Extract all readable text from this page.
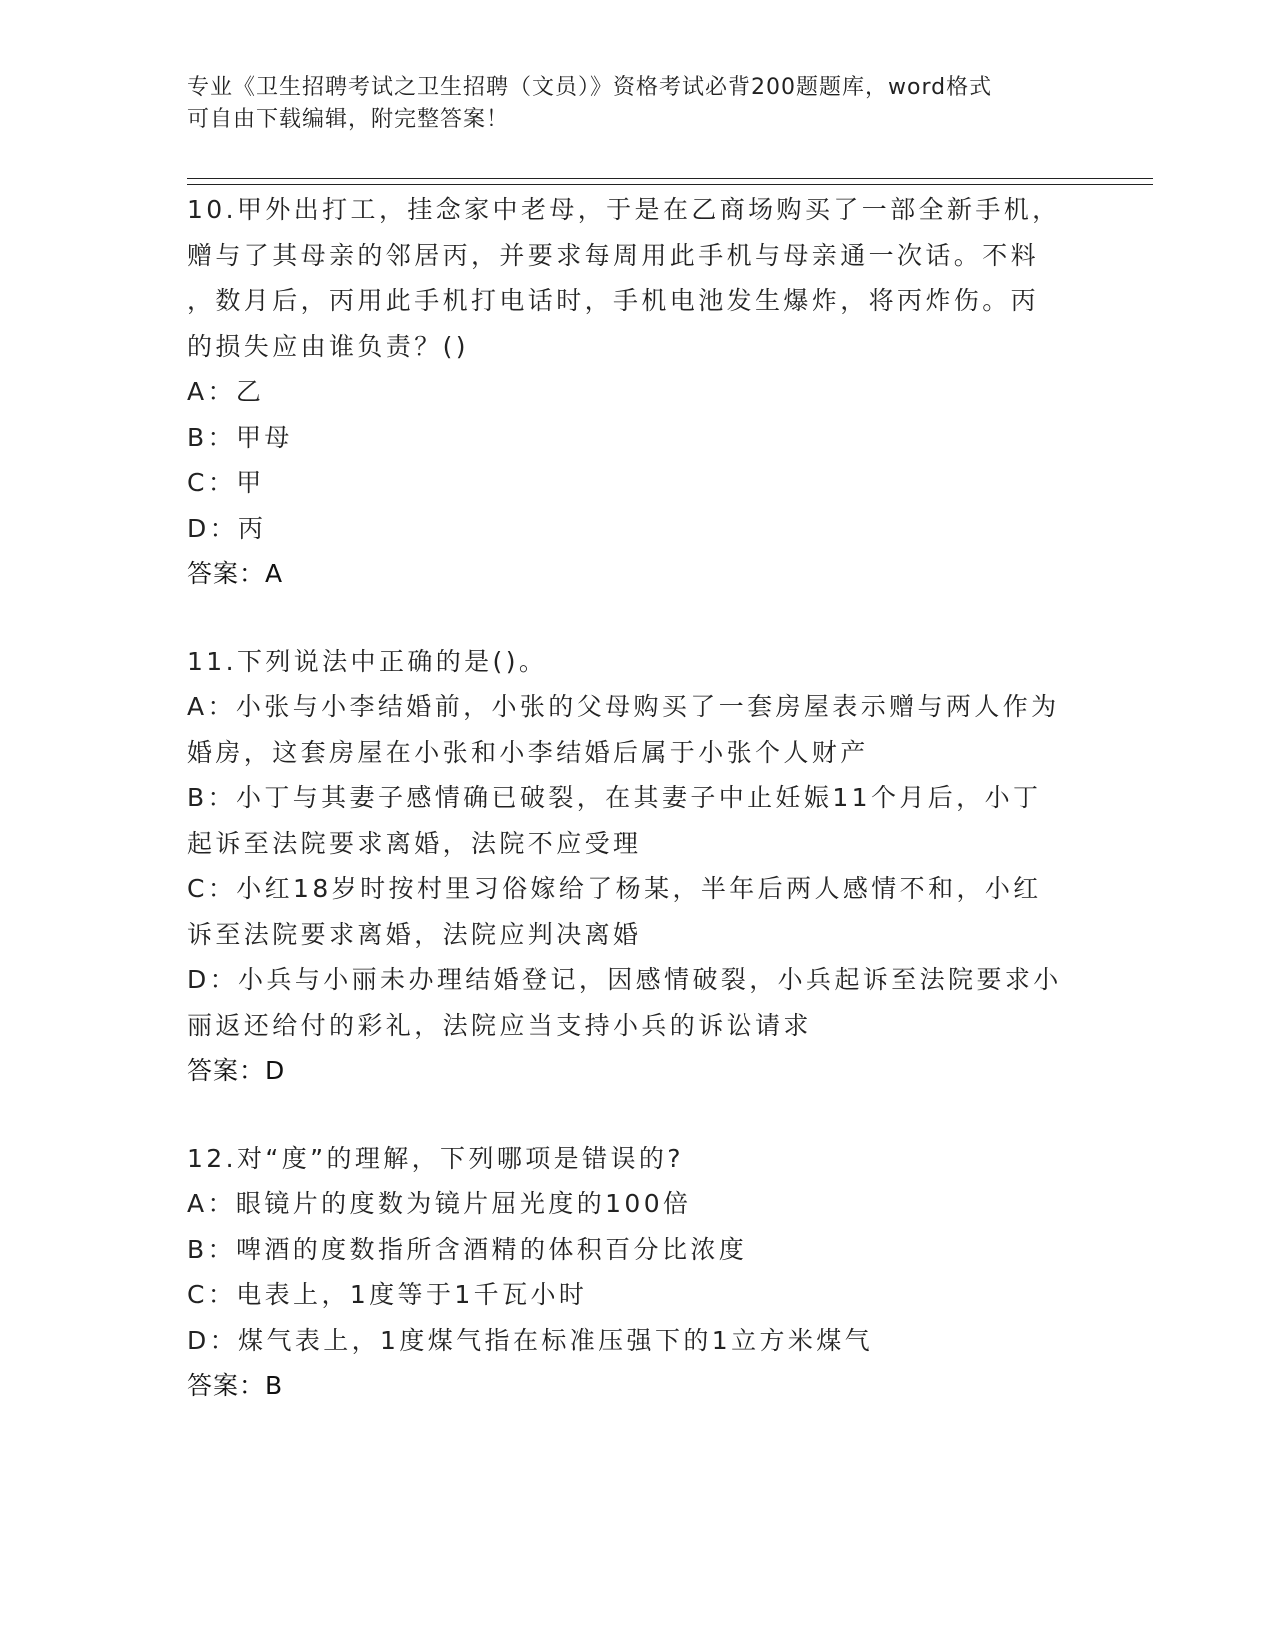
专业《卫生招聘考试之卫生招聘（文员）》资格考试必背200题题库，word格式
可自由下载编辑，附完整答案！
10.甲外出打工，挂念家中老母，于是在乙商场购买了一部全新手机，
赠与了其母亲的邻居丙，并要求每周用此手机与母亲通一次话。不料
，数月后，丙用此手机打电话时，手机电池发生爆炸，将丙炸伤。丙
的损失应由谁负责？()
A：乙
B：甲母
C：甲
D：丙
答案：A
11.下列说法中正确的是()。
A：小张与小李结婚前，小张的父母购买了一套房屋表示赠与两人作为
婚房，这套房屋在小张和小李结婚后属于小张个人财产
B：小丁与其妻子感情确已破裂，在其妻子中止妊娠11个月后，小丁
起诉至法院要求离婚，法院不应受理
C：小红18岁时按村里习俗嫁给了杨某，半年后两人感情不和，小红
诉至法院要求离婚，法院应判决离婚
D：小兵与小丽未办理结婚登记，因感情破裂，小兵起诉至法院要求小
丽返还给付的彩礼，法院应当支持小兵的诉讼请求
答案：D
12.对“度”的理解，下列哪项是错误的?
A：眼镜片的度数为镜片屈光度的100倍
B：啤酒的度数指所含酒精的体积百分比浓度
C：电表上，1度等于1千瓦小时
D：煤气表上，1度煤气指在标准压强下的1立方米煤气
答案：B
